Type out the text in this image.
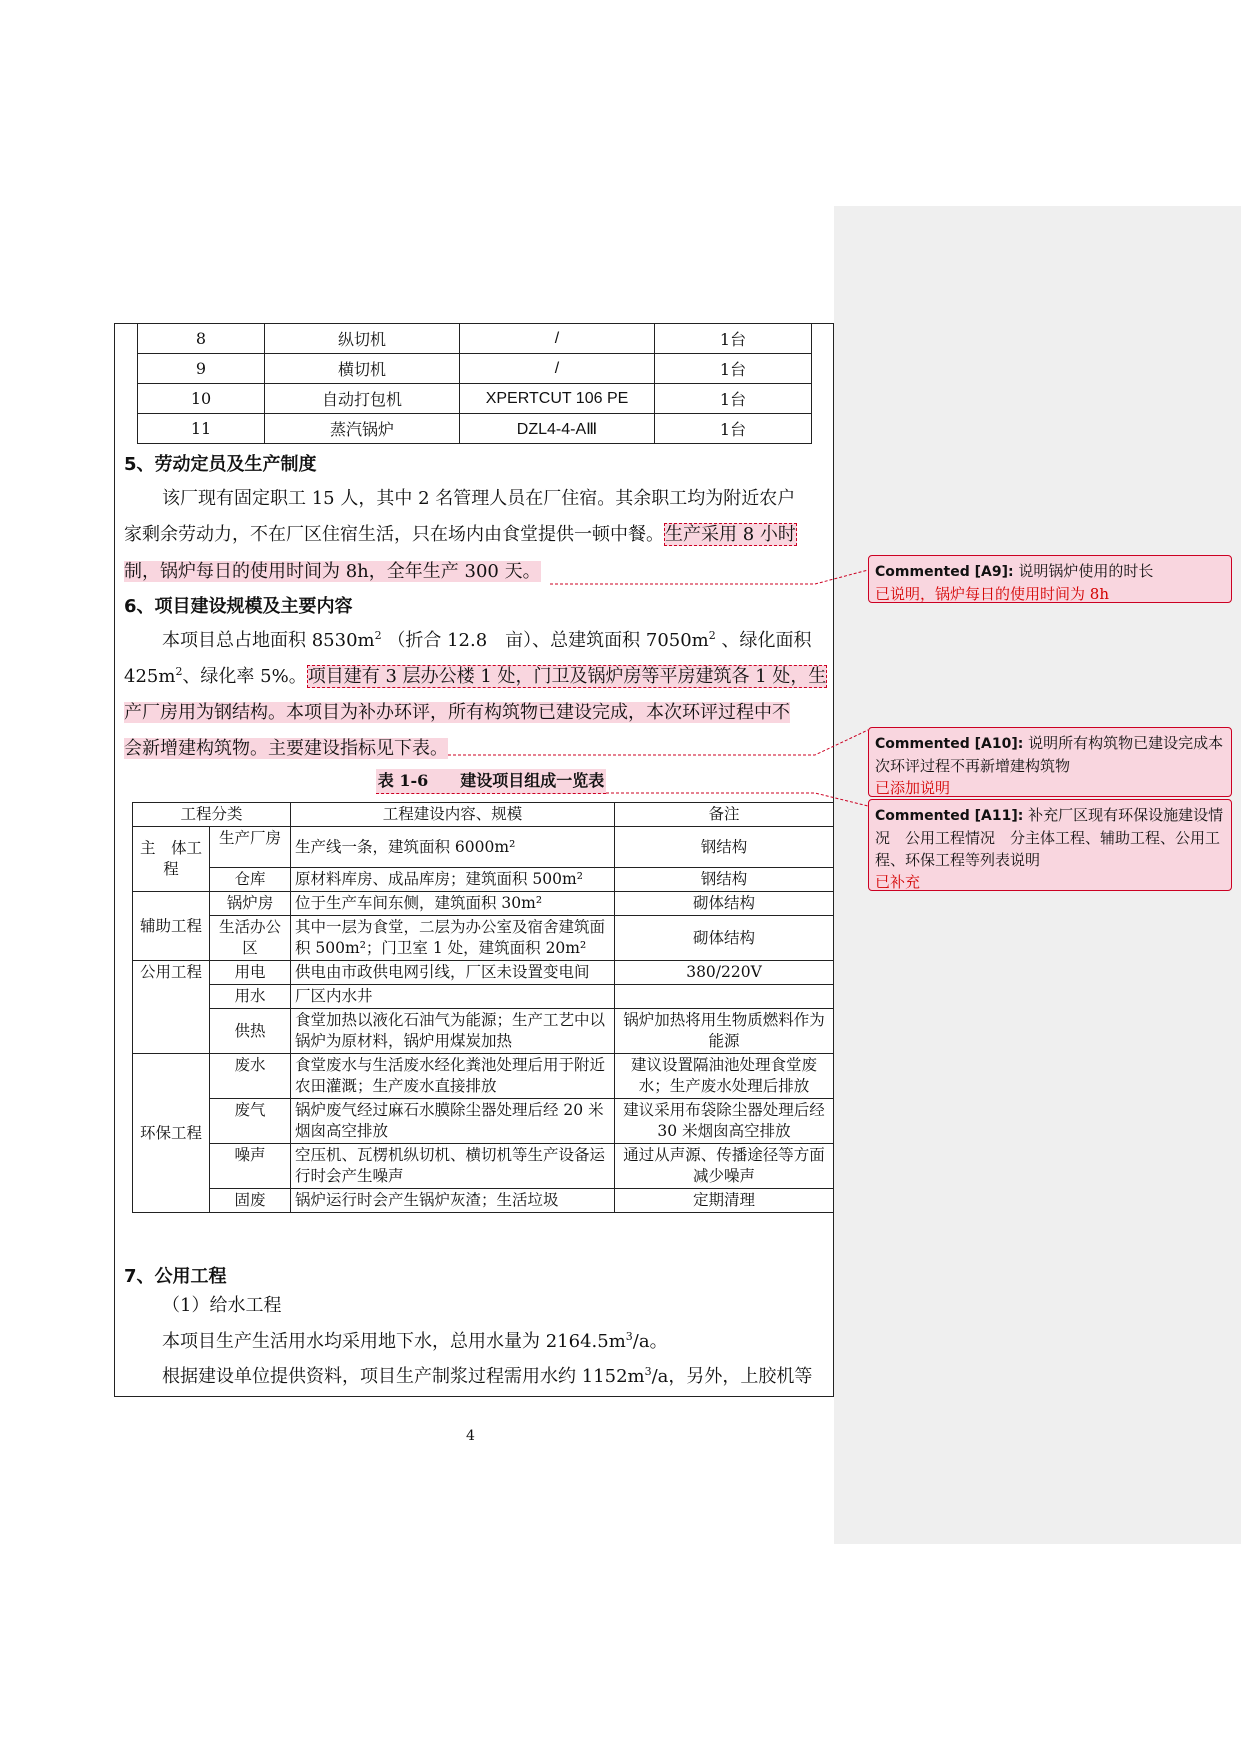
8	纵切机	/	1台
9	横切机	/	1台
10	自动打包机	XPERTCUT 106 PE	1台
11	蒸汽锅炉	DZL4-4-AⅢ	1台
5、劳动定员及生产制度
该厂现有固定职工 15 人，其中 2 名管理人员在厂住宿。其余职工均为附近农户
家剩余劳动力，不在厂区住宿生活，只在场内由食堂提供一顿中餐。生产采用 8 小时
制，锅炉每日的使用时间为 8h，全年生产 300 天。
6、项目建设规模及主要内容
本项目总占地面积 $8530m^2$ （折合 12.8　亩）、总建筑面积 $7050m^2$ 、绿化面积
$425m^2$、绿化率 5%。项目建有 3 层办公楼 1 处，门卫及锅炉房等平房建筑各 1 处，生
产厂房用为钢结构。本项目为补办环评，所有构筑物已建设完成，本次环评过程中不
会新增建构筑物。主要建设指标见下表。
表 1-6　　建设项目组成一览表
工程分类		工程建设内容、规模	备注
主　体工程	生产厂房	生产线一条，建筑面积 6000m²	钢结构
	仓库	原材料库房、成品库房；建筑面积 500m²	钢结构
辅助工程	锅炉房	位于生产车间东侧，建筑面积 30m²	砌体结构
	生活办公区	其中一层为食堂，二层为办公室及宿舍建筑面积 500m²；门卫室 1 处，建筑面积 20m²	砌体结构
公用工程	用电	供电由市政供电网引线，厂区未设置变电间	380/220V
	用水	厂区内水井	
	供热	食堂加热以液化石油气为能源；生产工艺中以锅炉为原材料，锅炉用煤炭加热	锅炉加热将用生物质燃料作为能源
环保工程	废水	食堂废水与生活废水经化粪池处理后用于附近农田灌溉；生产废水直接排放	建议设置隔油池处理食堂废水；生产废水处理后排放
	废气	锅炉废气经过麻石水膜除尘器处理后经 20 米烟囱高空排放	建议采用布袋除尘器处理后经 30 米烟囱高空排放
	噪声	空压机、瓦楞机纵切机、横切机等生产设备运行时会产生噪声	通过从声源、传播途径等方面减少噪声
	固废	锅炉运行时会产生锅炉灰渣；生活垃圾	定期清理
7、公用工程
（1）给水工程
本项目生产生活用水均采用地下水，总用水量为 $2164.5m^3/a$。
根据建设单位提供资料，项目生产制浆过程需用水约 $1152m^3/a$，另外，上胶机等
4
Commented [A9]: 说明锅炉使用的时长
已说明，锅炉每日的使用时间为 8h
Commented [A10]: 说明所有构筑物已建设完成本次环评过程不再新增建构筑物
已添加说明
Commented [A11]: 补充厂区现有环保设施建设情况　公用工程情况　分主体工程、辅助工程、公用工程、环保工程等列表说明
已补充
